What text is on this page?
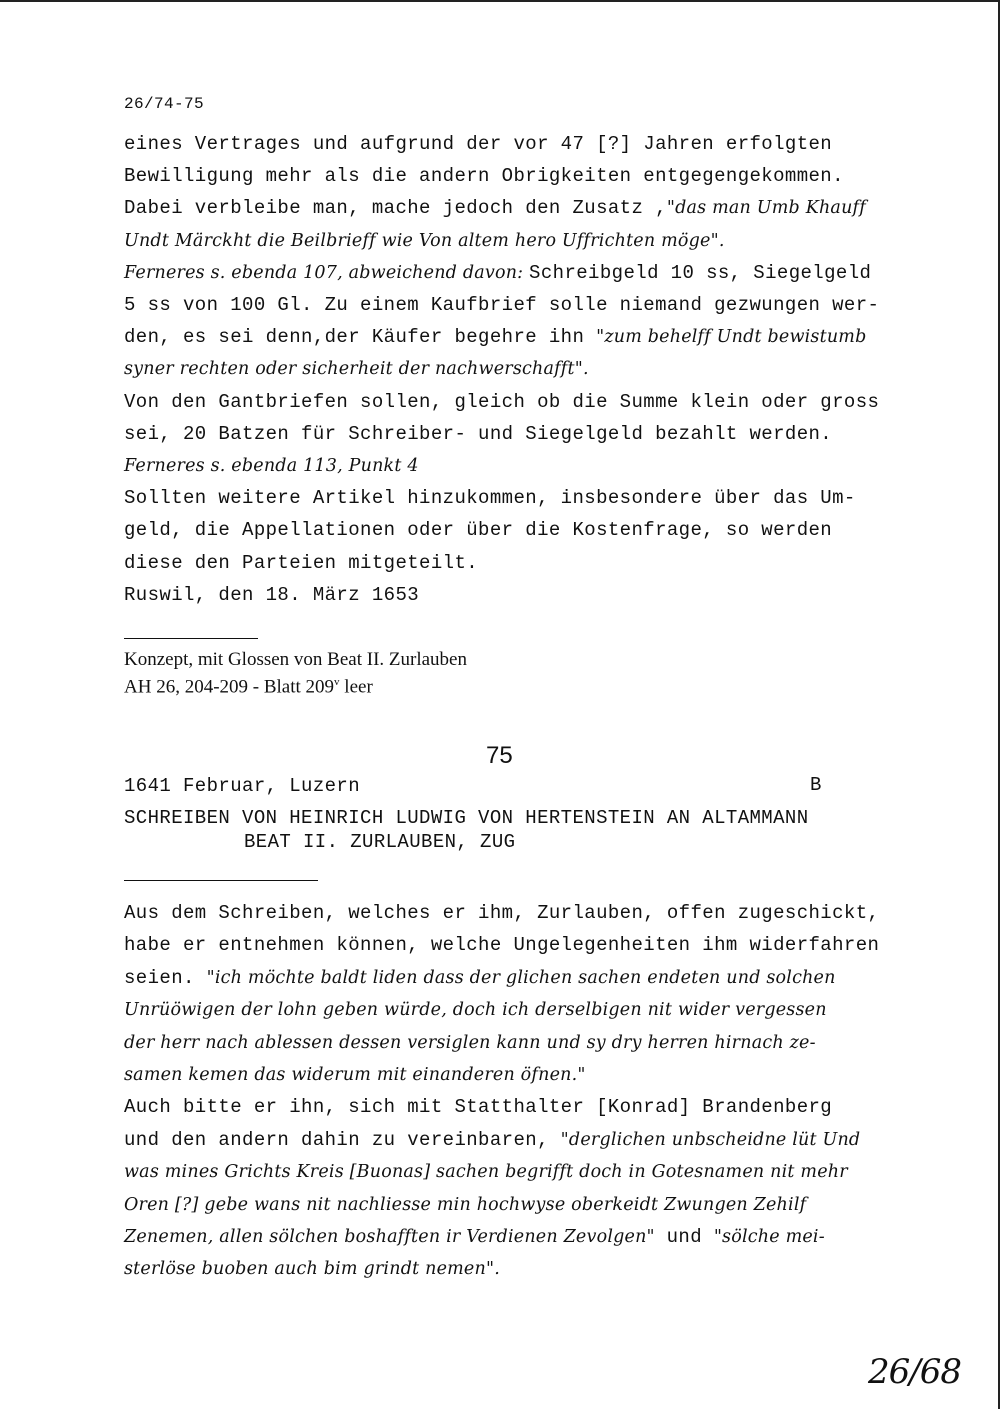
26/74-75
eines Vertrages und aufgrund der vor 47 [?] Jahren erfolgten
Bewilligung mehr als die andern Obrigkeiten entgegengekommen.
Dabei verbleibe man, mache jedoch den Zusatz ,"das man Umb Khauff
Undt Märckht die Beilbrieff wie Von altem hero Uffrichten möge".
Ferneres s. ebenda 107, abweichend davon: Schreibgeld 10 ss, Siegelgeld
5 ss von 100 Gl. Zu einem Kaufbrief solle niemand gezwungen wer-
den, es sei denn,der Käufer begehre ihn "zum behelff Undt bewistumb
syner rechten oder sicherheit der nachwerschafft".
Von den Gantbriefen sollen, gleich ob die Summe klein oder gross
sei, 20 Batzen für Schreiber- und Siegelgeld bezahlt werden.
Ferneres s. ebenda 113, Punkt 4
Sollten weitere Artikel hinzukommen, insbesondere über das Um-
geld, die Appellationen oder über die Kostenfrage, so werden
diese den Parteien mitgeteilt.
Ruswil, den 18. März 1653
Konzept, mit Glossen von Beat II. Zurlauben
AH 26, 204-209 - Blatt 209$^v$ leer
75
1641 Februar, Luzern	B
SCHREIBEN VON HEINRICH LUDWIG VON HERTENSTEIN AN ALTAMMANN
BEAT II. ZURLAUBEN, ZUG
Aus dem Schreiben, welches er ihm, Zurlauben, offen zugeschickt,
habe er entnehmen können, welche Ungelegenheiten ihm widerfahren
seien. "ich möchte baldt liden dass der glichen sachen endeten und solchen
Unrüöwigen der lohn geben würde, doch ich derselbigen nit wider vergessen
der herr nach ablessen dessen versiglen kann und sy dry herren hirnach ze-
samen kemen das widerum mit einanderen öfnen."
Auch bitte er ihn, sich mit Statthalter [Konrad] Brandenberg
und den andern dahin zu vereinbaren, "derglichen unbscheidne lüt Und
was mines Grichts Kreis [Buonas] sachen begrifft doch in Gotesnamen nit mehr
Oren [?] gebe wans nit nachliesse min hochwyse oberkeidt Zwungen Zehilf
Zenemen, allen sölchen boshafften ir Verdienen Zevolgen" und "sölche mei-
sterlöse buoben auch bim grindt nemen".
26/68
